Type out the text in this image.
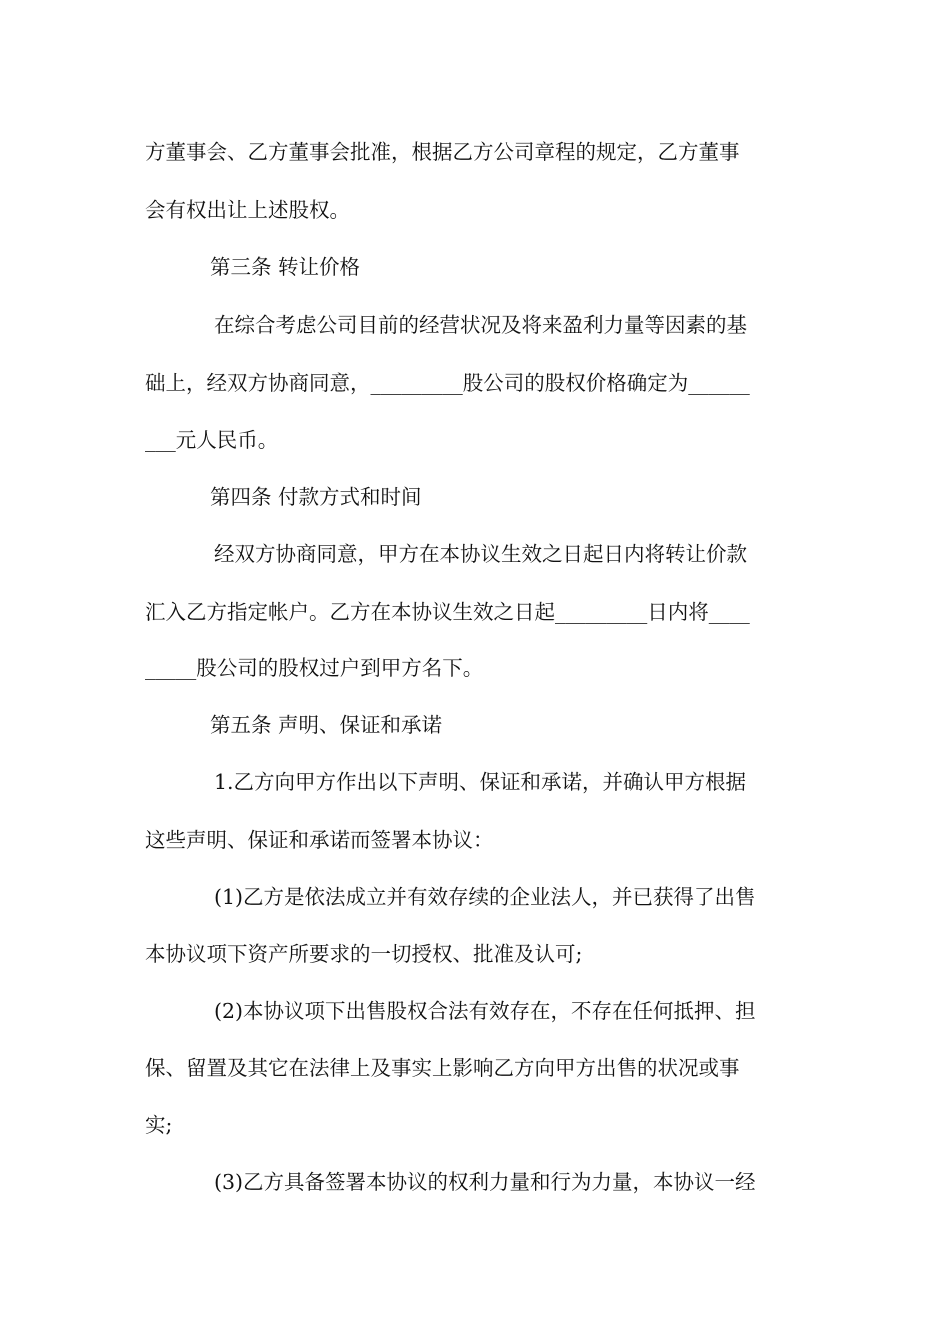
方董事会、乙方董事会批准，根据乙方公司章程的规定，乙方董事
会有权出让上述股权。
第三条 转让价格
在综合考虑公司目前的经营状况及将来盈利力量等因素的基
础上，经双方协商同意，_________股公司的股权价格确定为______
___元人民币。
第四条 付款方式和时间
经双方协商同意，甲方在本协议生效之日起日内将转让价款
汇入乙方指定帐户。乙方在本协议生效之日起_________日内将____
_____股公司的股权过户到甲方名下。
第五条 声明、保证和承诺
1.乙方向甲方作出以下声明、保证和承诺，并确认甲方根据
这些声明、保证和承诺而签署本协议：
(1)乙方是依法成立并有效存续的企业法人，并已获得了出售
本协议项下资产所要求的一切授权、批准及认可;
(2)本协议项下出售股权合法有效存在，不存在任何抵押、担
保、留置及其它在法律上及事实上影响乙方向甲方出售的状况或事
实;
(3)乙方具备签署本协议的权利力量和行为力量，本协议一经
